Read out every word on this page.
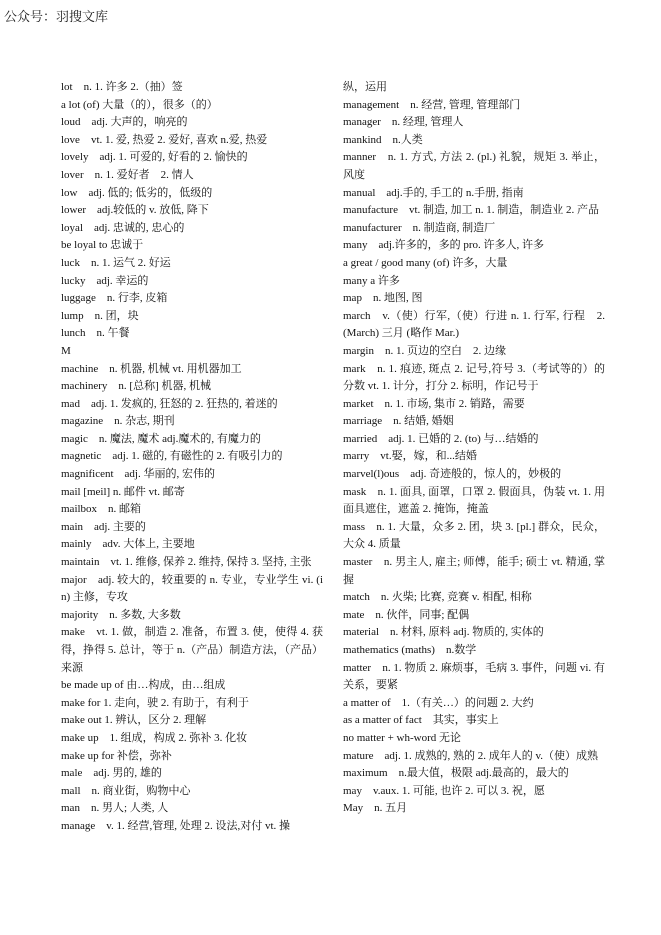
公众号：羽搜文库

lot　n. 1. 许多 2.（抽）签

a lot (of) 大量（的），很多（的）

loud　adj. 大声的，响亮的

love　vt. 1. 爱, 热爱 2. 爱好, 喜欢 n.爱, 热爱

lovely　adj. 1. 可爱的, 好看的 2. 愉快的

lover　n. 1. 爱好者　2. 情人

low　adj. 低的; 低劣的，低级的

lower　adj.较低的 v. 放低, 降下

loyal　adj. 忠诚的, 忠心的

be loyal to 忠诚于

luck　n. 1. 运气 2. 好运

lucky　adj. 幸运的

luggage　n. 行李, 皮箱

lump　n. 团，块

lunch　n. 午餐

M

machine　n. 机器, 机械 vt. 用机器加工

machinery　n. [总称] 机器, 机械

mad　adj. 1. 发疯的, 狂怒的 2. 狂热的, 着迷的

magazine　n. 杂志, 期刊

magic　n. 魔法, 魔术 adj.魔术的, 有魔力的

magnetic　adj. 1. 磁的, 有磁性的 2. 有吸引力的

magnificent　adj. 华丽的, 宏伟的

mail [meil] n. 邮件 vt. 邮寄

mailbox　n. 邮箱

main　adj. 主要的

mainly　adv. 大体上, 主要地

maintain　vt. 1. 维修, 保养 2. 维持, 保持 3. 坚持, 主张

major　adj. 较大的，较重要的 n. 专业，专业学生 vi. (in) 主修，专攻

majority　n. 多数, 大多数

make　vt. 1. 做，制造 2. 准备，布置 3. 使，使得 4. 获得，挣得 5. 总计，等于 n.（产品）制造方法，（产品）来源

be made up of 由…构成，由…组成

make for 1. 走向，驶 2. 有助于，有利于

make out 1. 辨认，区分 2. 理解

make up　1. 组成，构成 2. 弥补 3. 化妆

make up for 补偿，弥补

male　adj. 男的, 雄的

mall　n. 商业街，购物中心

man　n. 男人; 人类, 人

manage　v. 1. 经营,管理, 处理 2. 设法,对付 vt. 操

纵，运用

management　n. 经营, 管理, 管理部门

manager　n. 经理, 管理人

mankind　n.人类

manner　n. 1. 方式, 方法 2. (pl.) 礼貌，规矩 3. 举止，风度

manual　adj.手的, 手工的 n.手册, 指南

manufacture　vt. 制造, 加工 n. 1. 制造，制造业 2. 产品

manufacturer　n. 制造商, 制造厂

many　adj.许多的，多的 pro. 许多人, 许多

a great / good many (of) 许多，大量

many a 许多

map　n. 地图, 图

march　v.（使）行军,（使）行进 n. 1. 行军, 行程　2. (March) 三月 (略作 Mar.)

margin　n. 1. 页边的空白　2. 边缘

mark　n. 1. 痕迹, 斑点 2. 记号,符号 3.（考试等的）的分数 vt. 1. 计分，打分 2. 标明，作记号于

market　n. 1. 市场, 集市 2. 销路，需要

marriage　n. 结婚, 婚姻

married　adj. 1. 已婚的 2. (to) 与…结婚的

marry　vt.娶，嫁，和...结婚

marvel(l)ous　adj. 奇迹般的，惊人的，妙极的

mask　n. 1. 面具, 面罩，口罩 2. 假面具，伪装 vt. 1. 用面具遮住，遮盖 2. 掩饰，掩盖

mass　n. 1. 大量，众多 2. 团，块 3. [pl.] 群众，民众，大众 4. 质量

master　n. 男主人, 雇主; 师傅，能手; 硕士 vt. 精通, 掌握

match　n. 火柴; 比赛, 竞赛 v. 相配, 相称

mate　n. 伙伴，同事; 配偶

material　n. 材料, 原料 adj. 物质的, 实体的

mathematics (maths)　n.数学

matter　n. 1. 物质 2. 麻烦事，毛病 3. 事件，问题 vi. 有关系，要紧

a matter of　1.（有关…）的问题 2. 大约

as a matter of fact　其实，事实上

no matter + wh-word 无论

mature　adj. 1. 成熟的, 熟的 2. 成年人的 v.（使）成熟

maximum　n.最大值，极限 adj.最高的，最大的

may　v.aux. 1. 可能, 也许 2. 可以 3. 祝，愿

May　n. 五月
